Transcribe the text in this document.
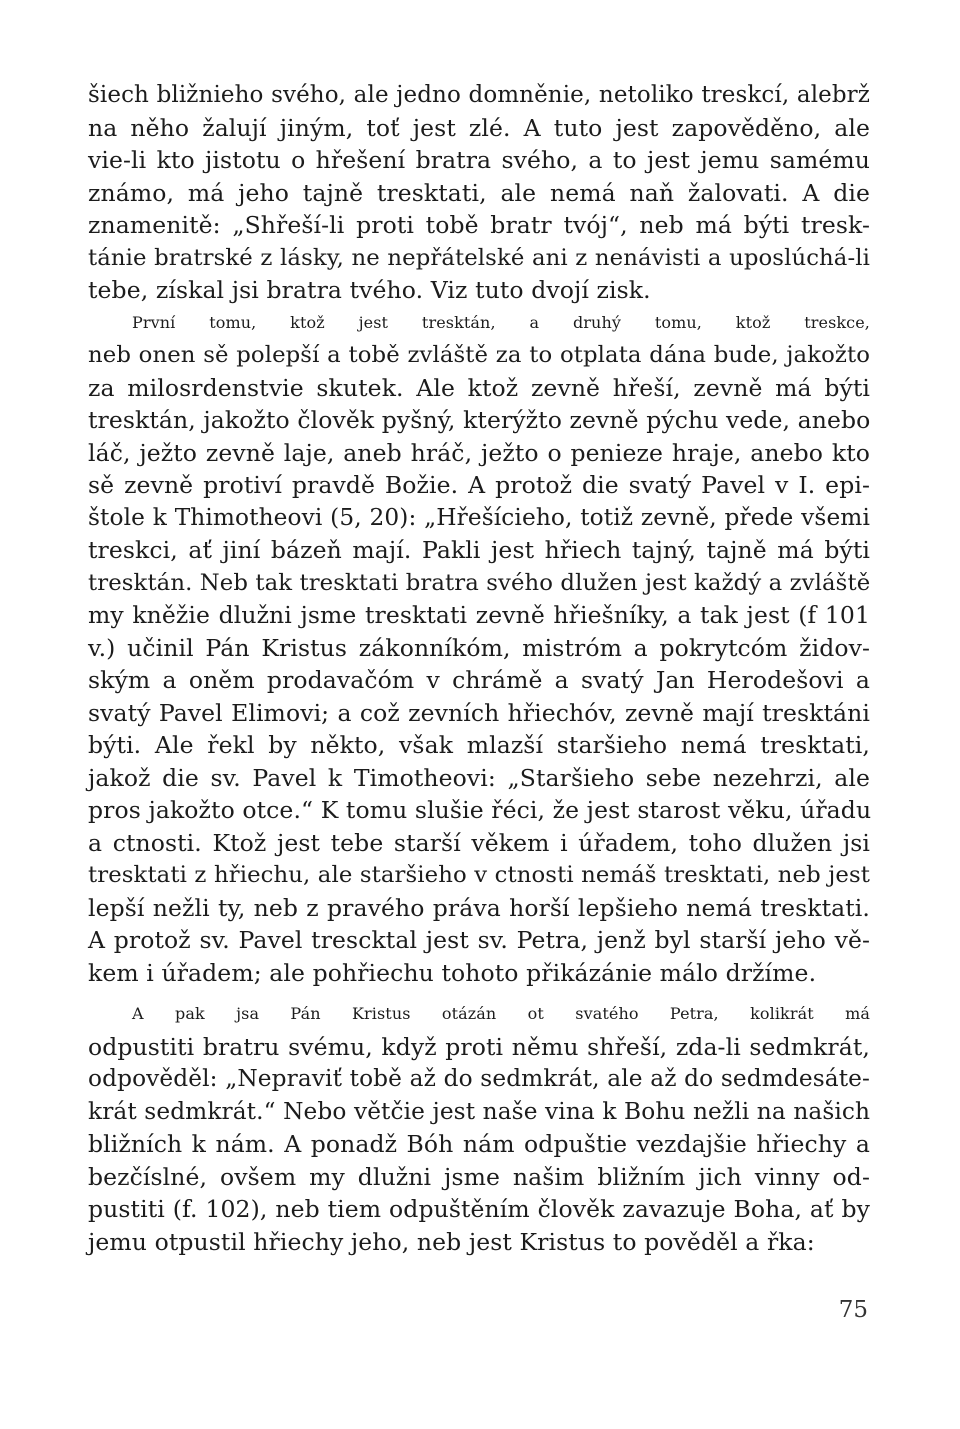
šiech bližnieho svého, ale jedno domněnie, netoliko treskcí, alebrž
na něho žalují jiným, toť jest zlé. A tuto jest zapověděno, ale
vie-li kto jistotu o hřešení bratra svého, a to jest jemu samému
známo, má jeho tajně tresktati, ale nemá naň žalovati. A die
znamenitě: „Shřeší-li proti tobě bratr tvój“, neb má býti tresk-
tánie bratrské z lásky, ne nepřátelské ani z nenávisti a uposlúchá-li
tebe, získal jsi bratra tvého. Viz tuto dvojí zisk.
První tomu, ktož jest tresktán, a druhý tomu, ktož treskce,
neb onen sě polepší a tobě zvláště za to otplata dána bude, jakožto
za milosrdenstvie skutek. Ale ktož zevně hřeší, zevně má býti
tresktán, jakožto člověk pyšný, kterýžto zevně pýchu vede, anebo
láč, ježto zevně laje, aneb hráč, ježto o penieze hraje, anebo kto
sě zevně protiví pravdě Božie. A protož die svatý Pavel v I. epi-
štole k Thimotheovi (5, 20): „Hřešícieho, totiž zevně, přede všemi
treskci, ať jiní bázeň mají. Pakli jest hřiech tajný, tajně má býti
tresktán. Neb tak tresktati bratra svého dlužen jest každý a zvláště
my kněžie dlužni jsme tresktati zevně hřiešníky, a tak jest (f 101
v.) učinil Pán Kristus zákonníkóm, mistróm a pokrytcóm židov-
ským a oněm prodavačóm v chrámě a svatý Jan Herodešovi a
svatý Pavel Elimovi; a což zevních hřiechóv, zevně mají tresktáni
býti. Ale řekl by někto, však mlazší staršieho nemá tresktati,
jakož die sv. Pavel k Timotheovi: „Staršieho sebe nezehrzi, ale
pros jakožto otce.“ K tomu slušie řéci, že jest starost věku, úřadu
a ctnosti. Ktož jest tebe starší věkem i úřadem, toho dlužen jsi
tresktati z hřiechu, ale staršieho v ctnosti nemáš tresktati, neb jest
lepší nežli ty, neb z pravého práva horší lepšieho nemá tresktati.
A protož sv. Pavel trescktal jest sv. Petra, jenž byl starší jeho vě-
kem i úřadem; ale pohřiechu tohoto přikázánie málo držíme.
A pak jsa Pán Kristus otázán ot svatého Petra, kolikrát má
odpustiti bratru svému, když proti němu shřeší, zda-li sedmkrát,
odpověděl: „Nepraviť tobě až do sedmkrát, ale až do sedmdesáte-
krát sedmkrát.“ Nebo větčie jest naše vina k Bohu nežli na našich
bližních k nám. A ponadž Bóh nám odpuštie vezdajšie hřiechy a
bezčíslné, ovšem my dlužni jsme našim bližním jich vinny od-
pustiti (f. 102), neb tiem odpuštěním člověk zavazuje Boha, ať by
jemu otpustil hřiechy jeho, neb jest Kristus to pověděl a řka:
75
